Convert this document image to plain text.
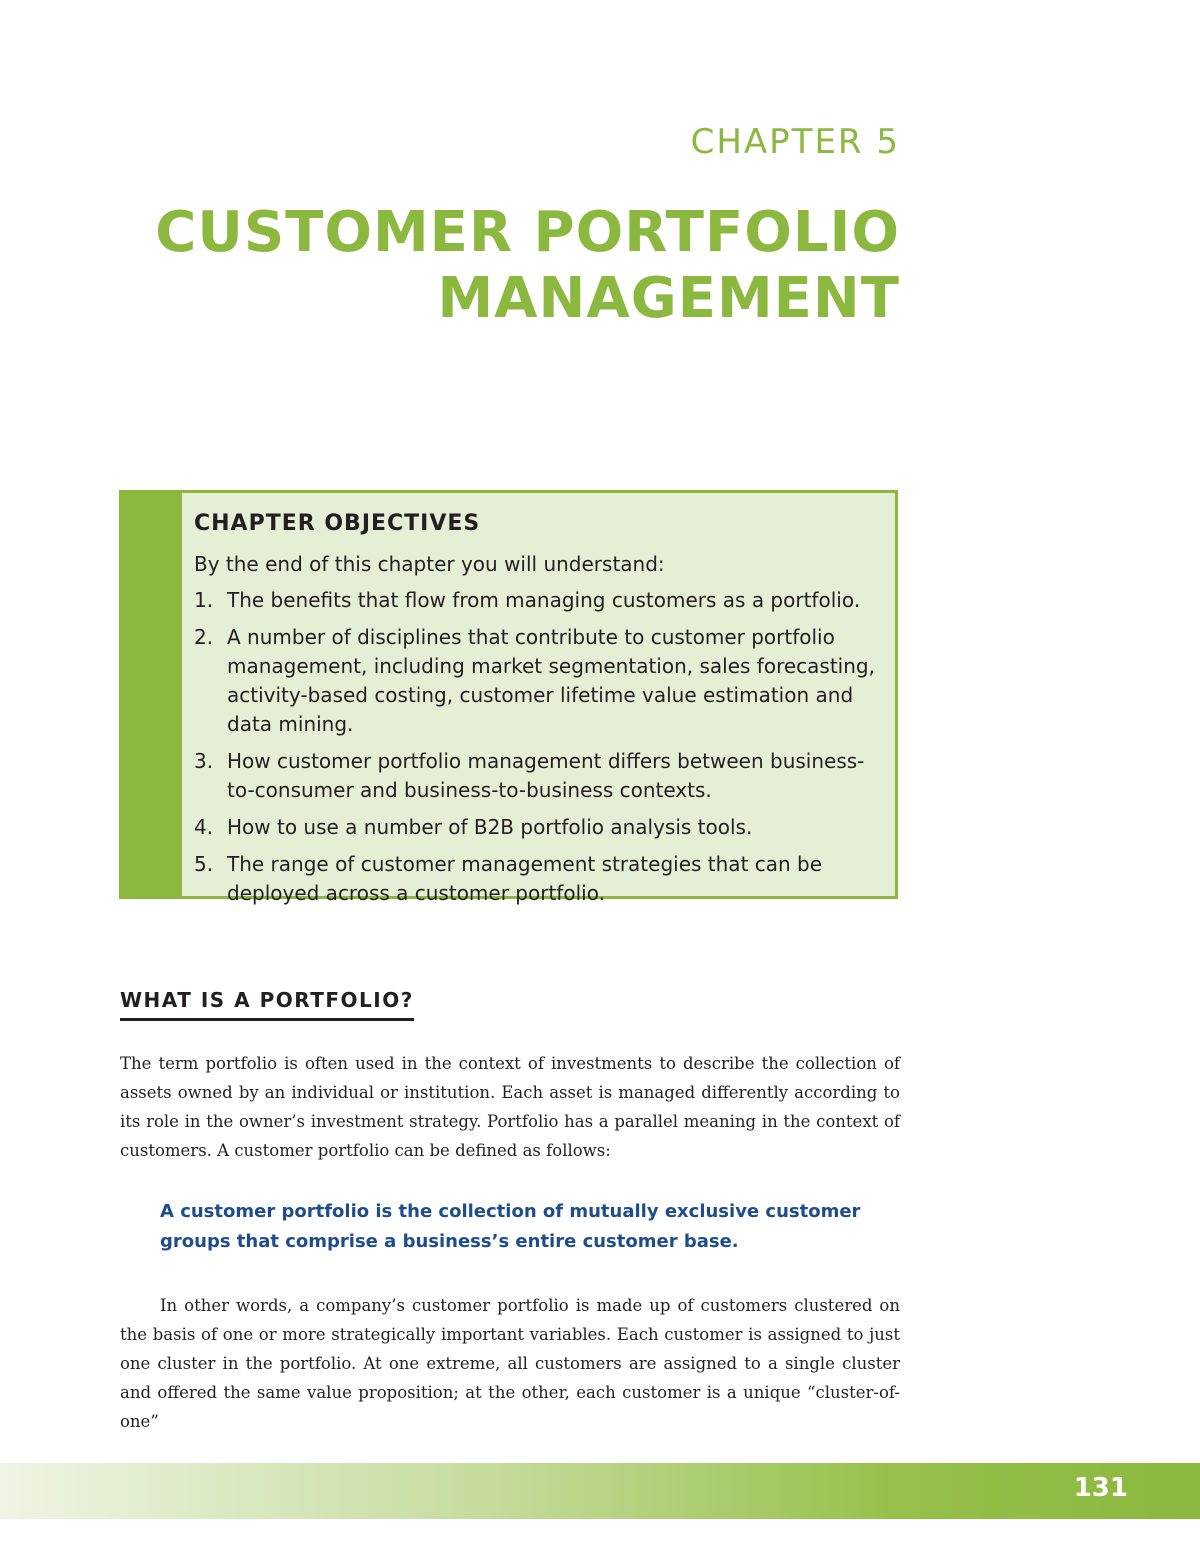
CHAPTER 5
CUSTOMER PORTFOLIO
MANAGEMENT
CHAPTER OBJECTIVES

By the end of this chapter you will understand:

1. The benefits that flow from managing customers as a portfolio.
2. A number of disciplines that contribute to customer portfolio management, including market segmentation, sales forecasting, activity-based costing, customer lifetime value estimation and data mining.
3. How customer portfolio management differs between business-to-consumer and business-to-business contexts.
4. How to use a number of B2B portfolio analysis tools.
5. The range of customer management strategies that can be deployed across a customer portfolio.
WHAT IS A PORTFOLIO?

The term portfolio is often used in the context of investments to describe the collection of assets owned by an individual or institution. Each asset is managed differently according to its role in the owner’s investment strategy. Portfolio has a parallel meaning in the context of customers. A customer portfolio can be defined as follows:

A customer portfolio is the collection of mutually exclusive customer groups that comprise a business’s entire customer base.

In other words, a company’s customer portfolio is made up of customers clustered on the basis of one or more strategically important variables. Each customer is assigned to just one cluster in the portfolio. At one extreme, all customers are assigned to a single cluster and offered the same value proposition; at the other, each customer is a unique “cluster-of-one”

131
